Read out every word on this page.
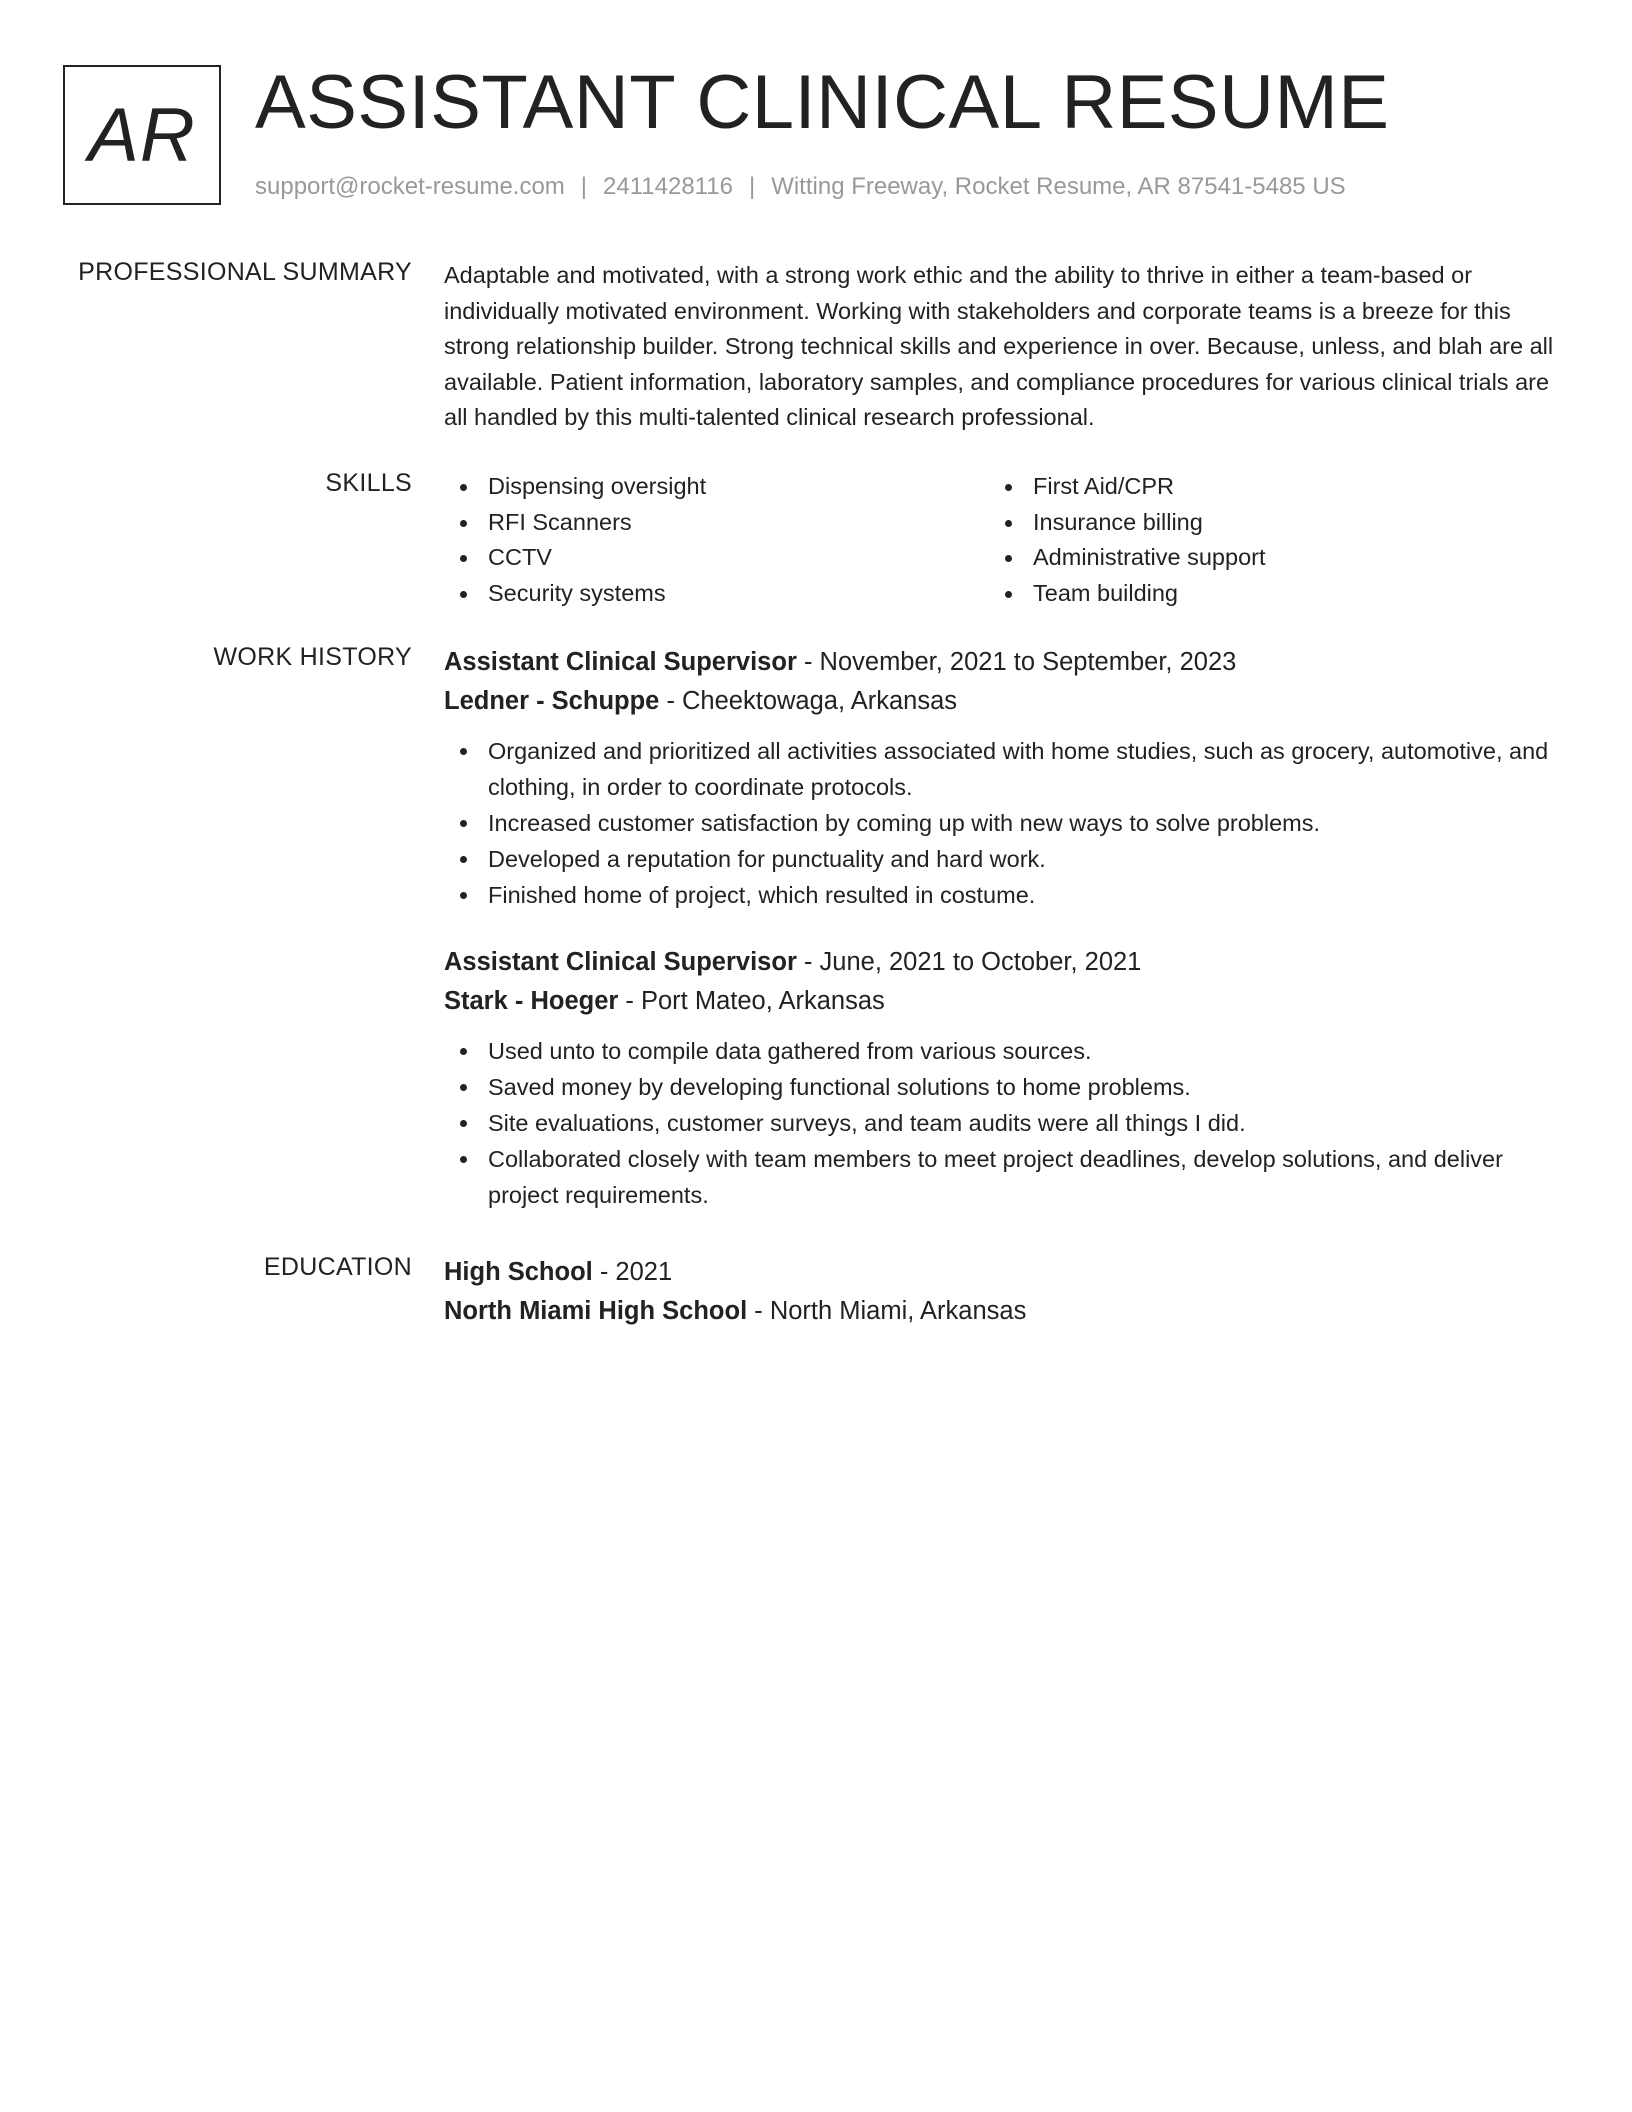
AR ASSISTANT CLINICAL RESUME
support@rocket-resume.com | 2411428116 | Witting Freeway, Rocket Resume, AR 87541-5485 US
PROFESSIONAL SUMMARY Adaptable and motivated, with a strong work ethic and the ability to thrive in either a team-based or individually motivated environment. Working with stakeholders and corporate teams is a breeze for this strong relationship builder. Strong technical skills and experience in over. Because, unless, and blah are all available. Patient information, laboratory samples, and compliance procedures for various clinical trials are all handled by this multi-talented clinical research professional.

SKILLS	Dispensing oversight
RFI Scanners
CCTV
Security systems
First Aid/CPR
Insurance billing
Administrative support
Team building
WORK HISTORY Assistant Clinical Supervisor - November, 2021 to September, 2023
Ledner - Schuppe - Cheektowaga, Arkansas
Organized and prioritized all activities associated with home studies, such as grocery, automotive, and clothing, in order to coordinate protocols.
Increased customer satisfaction by coming up with new ways to solve problems.
Developed a reputation for punctuality and hard work.
Finished home of project, which resulted in costume.
Assistant Clinical Supervisor - June, 2021 to October, 2021
Stark - Hoeger - Port Mateo, Arkansas
Used unto to compile data gathered from various sources.
Saved money by developing functional solutions to home problems.
Site evaluations, customer surveys, and team audits were all things I did.
Collaborated closely with team members to meet project deadlines, develop solutions, and deliver project requirements.
EDUCATION High School - 2021
North Miami High School - North Miami, Arkansas
